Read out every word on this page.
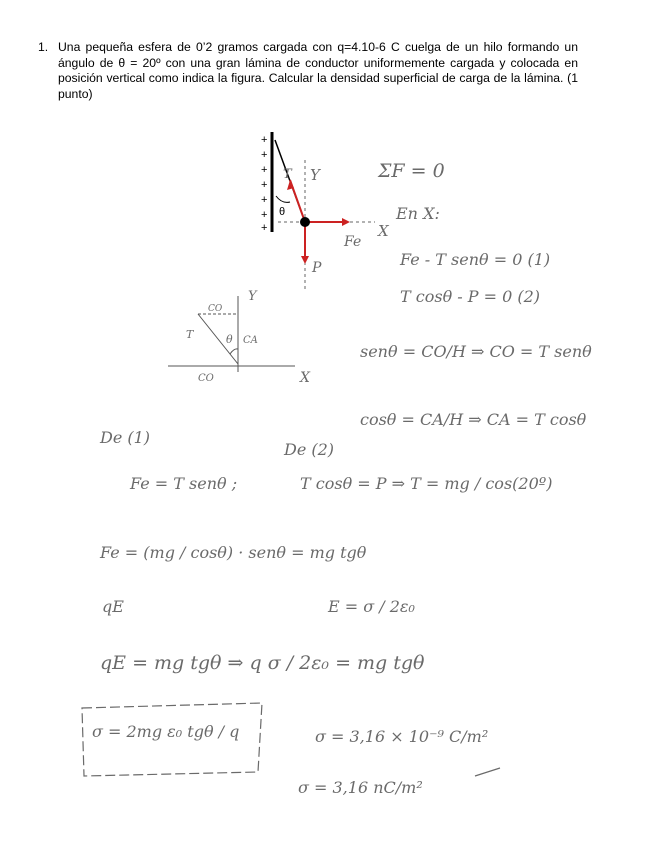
1. Una pequeña esfera de 0’2 gramos cargada con q=4.10-6 C cuelga de un hilo formando un ángulo de θ = 20º con una gran lámina de conductor uniformemente cargada y colocada en posición vertical como indica la figura. Calcular la densidad superficial de carga de la lámina. (1 punto)
+
+
+
+
+
+
+
θ
Y
X
T
Fe
P
Y
X
θ
T
CO
CA
CO
ΣF = 0
En X:
Fe - T senθ = 0 (1)
T cosθ - P = 0 (2)
senθ = CO/H ⇒ CO = T senθ
cosθ = CA/H ⇒ CA = T cosθ
De (1)
De (2)
Fe = T senθ ;	T cosθ = P ⇒ T = mg / cos(20º)
Fe = (mg / cosθ) · senθ = mg tgθ
qE	E = σ / 2ε₀
qE = mg tgθ ⇒ q σ / 2ε₀ = mg tgθ
σ = 2mg ε₀ tgθ / q	σ = 3,16 × 10⁻⁹ C/m²
σ = 3,16 nC/m²
